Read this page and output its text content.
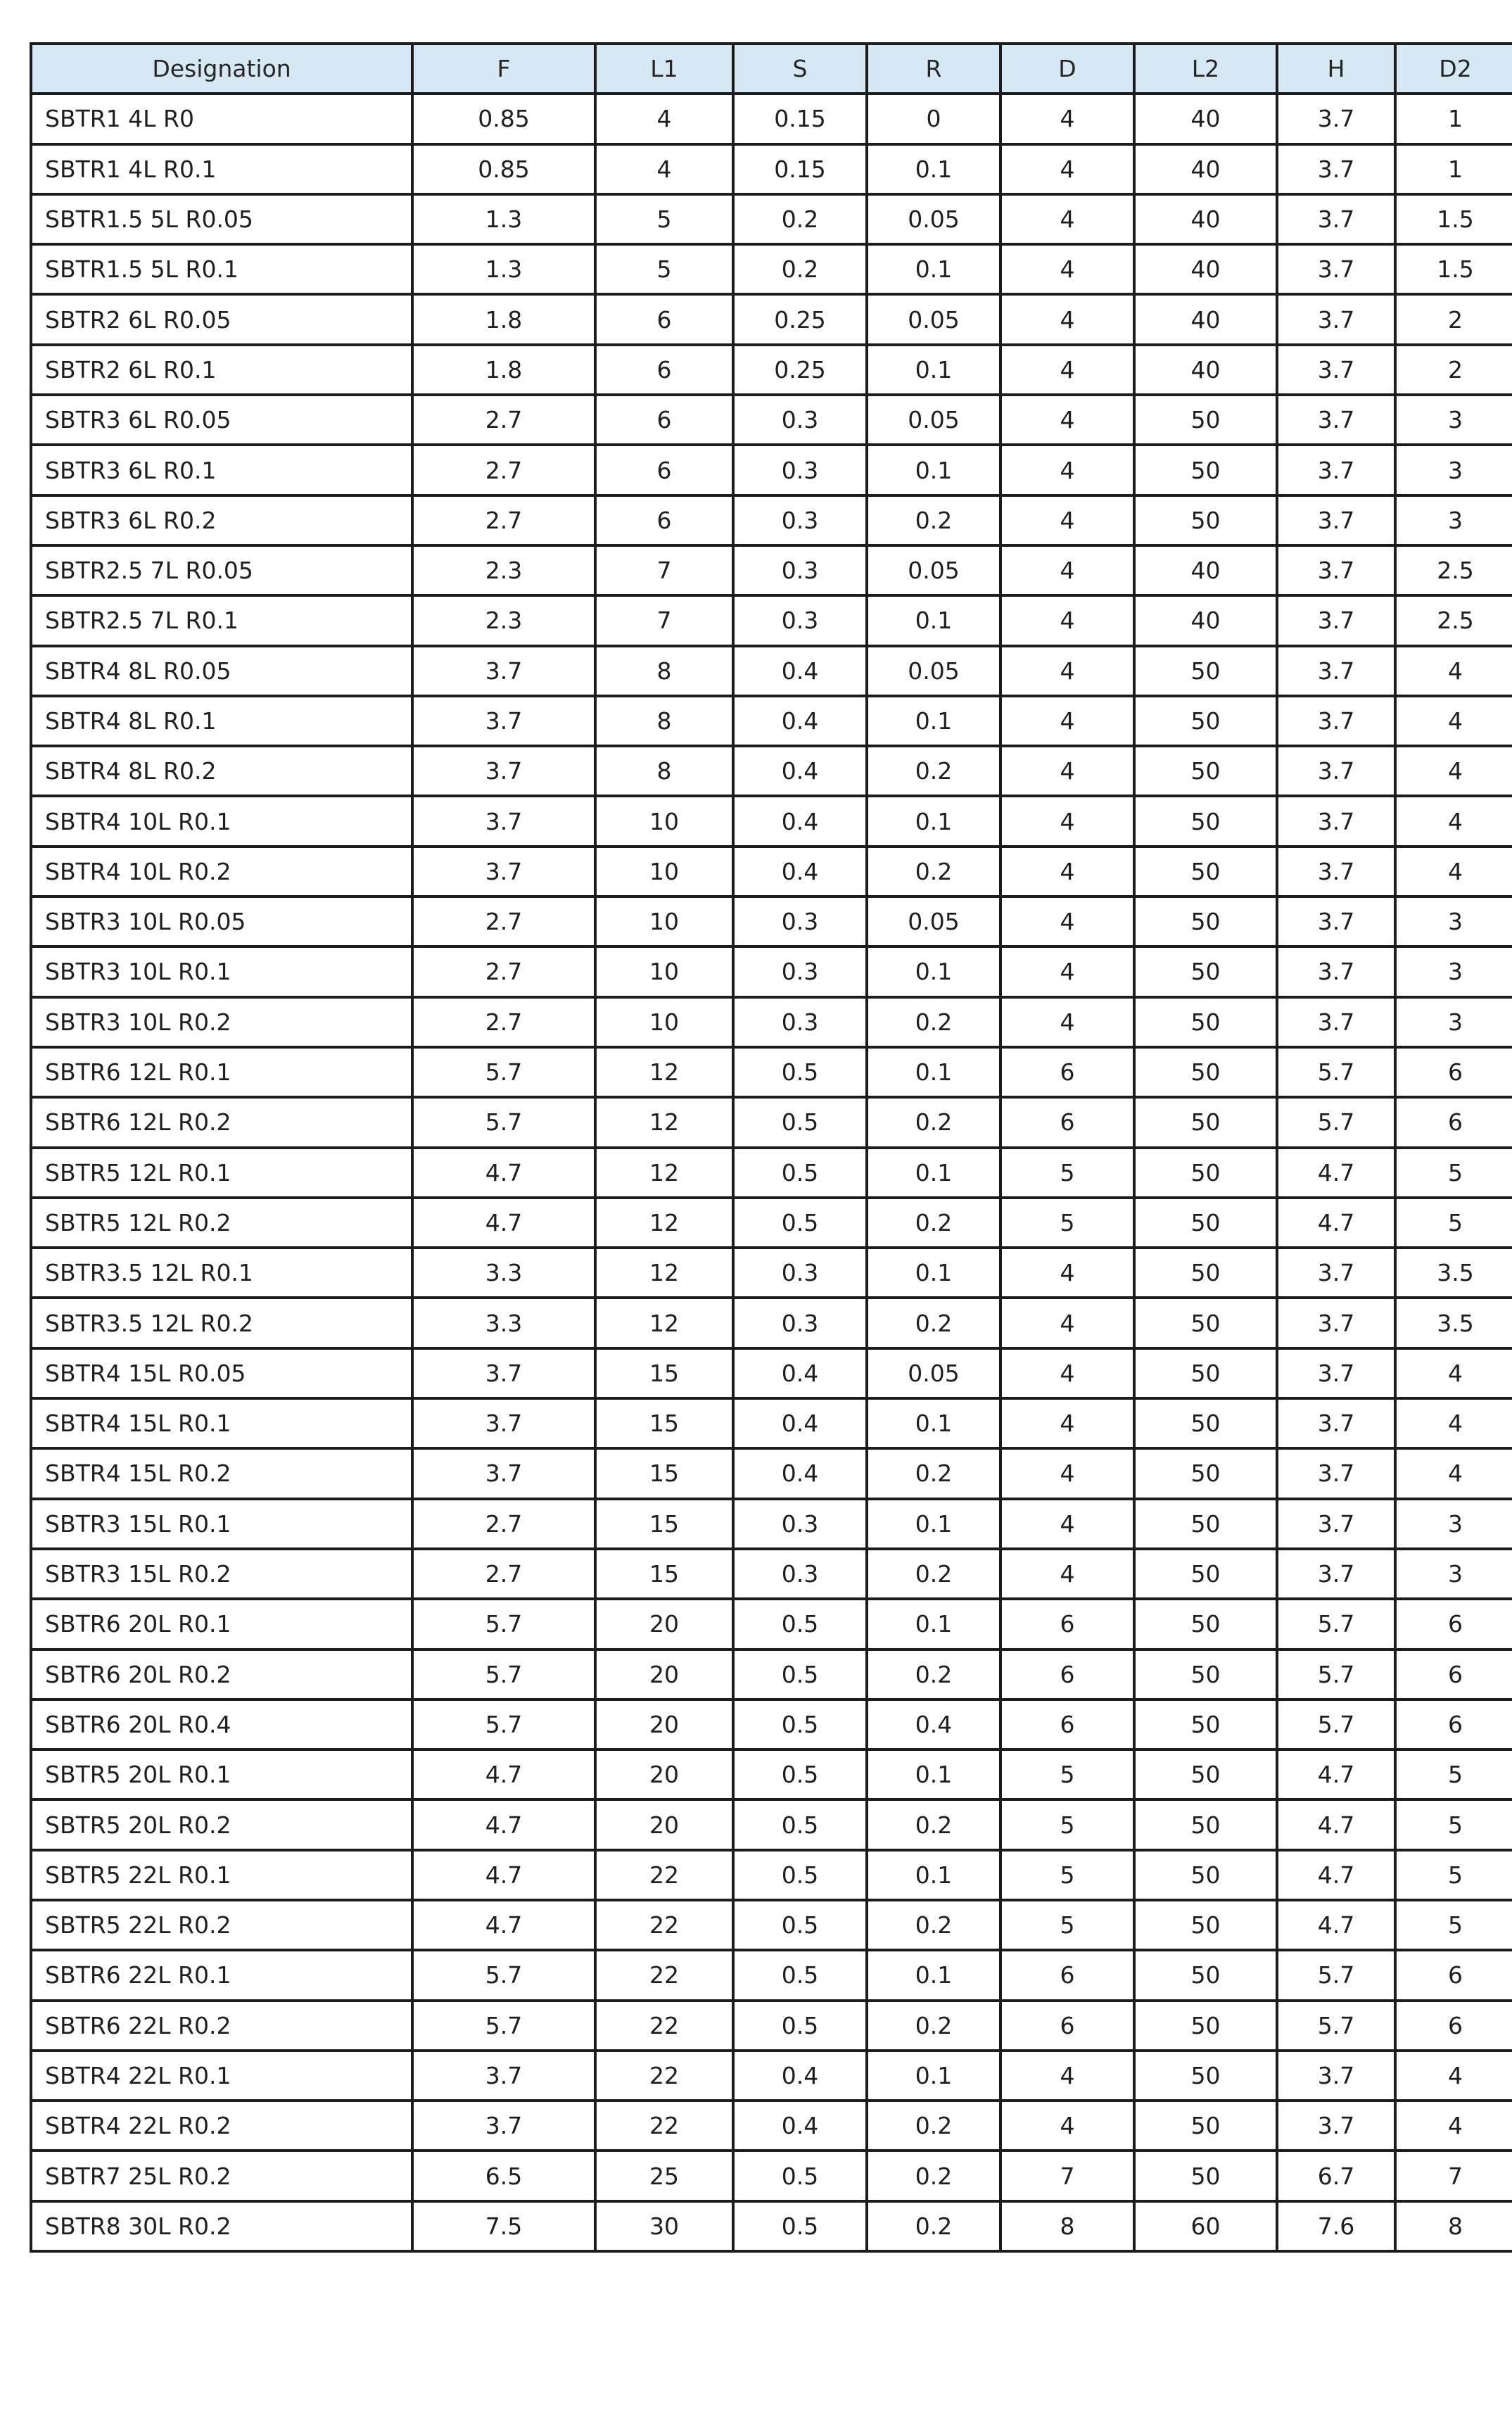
Designation	F	L1	S	R	D	L2	H	D2
SBTR1 4L R0	0.85	4	0.15	0	4	40	3.7	1
SBTR1 4L R0.1	0.85	4	0.15	0.1	4	40	3.7	1
SBTR1.5 5L R0.05	1.3	5	0.2	0.05	4	40	3.7	1.5
SBTR1.5 5L R0.1	1.3	5	0.2	0.1	4	40	3.7	1.5
SBTR2 6L R0.05	1.8	6	0.25	0.05	4	40	3.7	2
SBTR2 6L R0.1	1.8	6	0.25	0.1	4	40	3.7	2
SBTR3 6L R0.05	2.7	6	0.3	0.05	4	50	3.7	3
SBTR3 6L R0.1	2.7	6	0.3	0.1	4	50	3.7	3
SBTR3 6L R0.2	2.7	6	0.3	0.2	4	50	3.7	3
SBTR2.5 7L R0.05	2.3	7	0.3	0.05	4	40	3.7	2.5
SBTR2.5 7L R0.1	2.3	7	0.3	0.1	4	40	3.7	2.5
SBTR4 8L R0.05	3.7	8	0.4	0.05	4	50	3.7	4
SBTR4 8L R0.1	3.7	8	0.4	0.1	4	50	3.7	4
SBTR4 8L R0.2	3.7	8	0.4	0.2	4	50	3.7	4
SBTR4 10L R0.1	3.7	10	0.4	0.1	4	50	3.7	4
SBTR4 10L R0.2	3.7	10	0.4	0.2	4	50	3.7	4
SBTR3 10L R0.05	2.7	10	0.3	0.05	4	50	3.7	3
SBTR3 10L R0.1	2.7	10	0.3	0.1	4	50	3.7	3
SBTR3 10L R0.2	2.7	10	0.3	0.2	4	50	3.7	3
SBTR6 12L R0.1	5.7	12	0.5	0.1	6	50	5.7	6
SBTR6 12L R0.2	5.7	12	0.5	0.2	6	50	5.7	6
SBTR5 12L R0.1	4.7	12	0.5	0.1	5	50	4.7	5
SBTR5 12L R0.2	4.7	12	0.5	0.2	5	50	4.7	5
SBTR3.5 12L R0.1	3.3	12	0.3	0.1	4	50	3.7	3.5
SBTR3.5 12L R0.2	3.3	12	0.3	0.2	4	50	3.7	3.5
SBTR4 15L R0.05	3.7	15	0.4	0.05	4	50	3.7	4
SBTR4 15L R0.1	3.7	15	0.4	0.1	4	50	3.7	4
SBTR4 15L R0.2	3.7	15	0.4	0.2	4	50	3.7	4
SBTR3 15L R0.1	2.7	15	0.3	0.1	4	50	3.7	3
SBTR3 15L R0.2	2.7	15	0.3	0.2	4	50	3.7	3
SBTR6 20L R0.1	5.7	20	0.5	0.1	6	50	5.7	6
SBTR6 20L R0.2	5.7	20	0.5	0.2	6	50	5.7	6
SBTR6 20L R0.4	5.7	20	0.5	0.4	6	50	5.7	6
SBTR5 20L R0.1	4.7	20	0.5	0.1	5	50	4.7	5
SBTR5 20L R0.2	4.7	20	0.5	0.2	5	50	4.7	5
SBTR5 22L R0.1	4.7	22	0.5	0.1	5	50	4.7	5
SBTR5 22L R0.2	4.7	22	0.5	0.2	5	50	4.7	5
SBTR6 22L R0.1	5.7	22	0.5	0.1	6	50	5.7	6
SBTR6 22L R0.2	5.7	22	0.5	0.2	6	50	5.7	6
SBTR4 22L R0.1	3.7	22	0.4	0.1	4	50	3.7	4
SBTR4 22L R0.2	3.7	22	0.4	0.2	4	50	3.7	4
SBTR7 25L R0.2	6.5	25	0.5	0.2	7	50	6.7	7
SBTR8 30L R0.2	7.5	30	0.5	0.2	8	60	7.6	8
